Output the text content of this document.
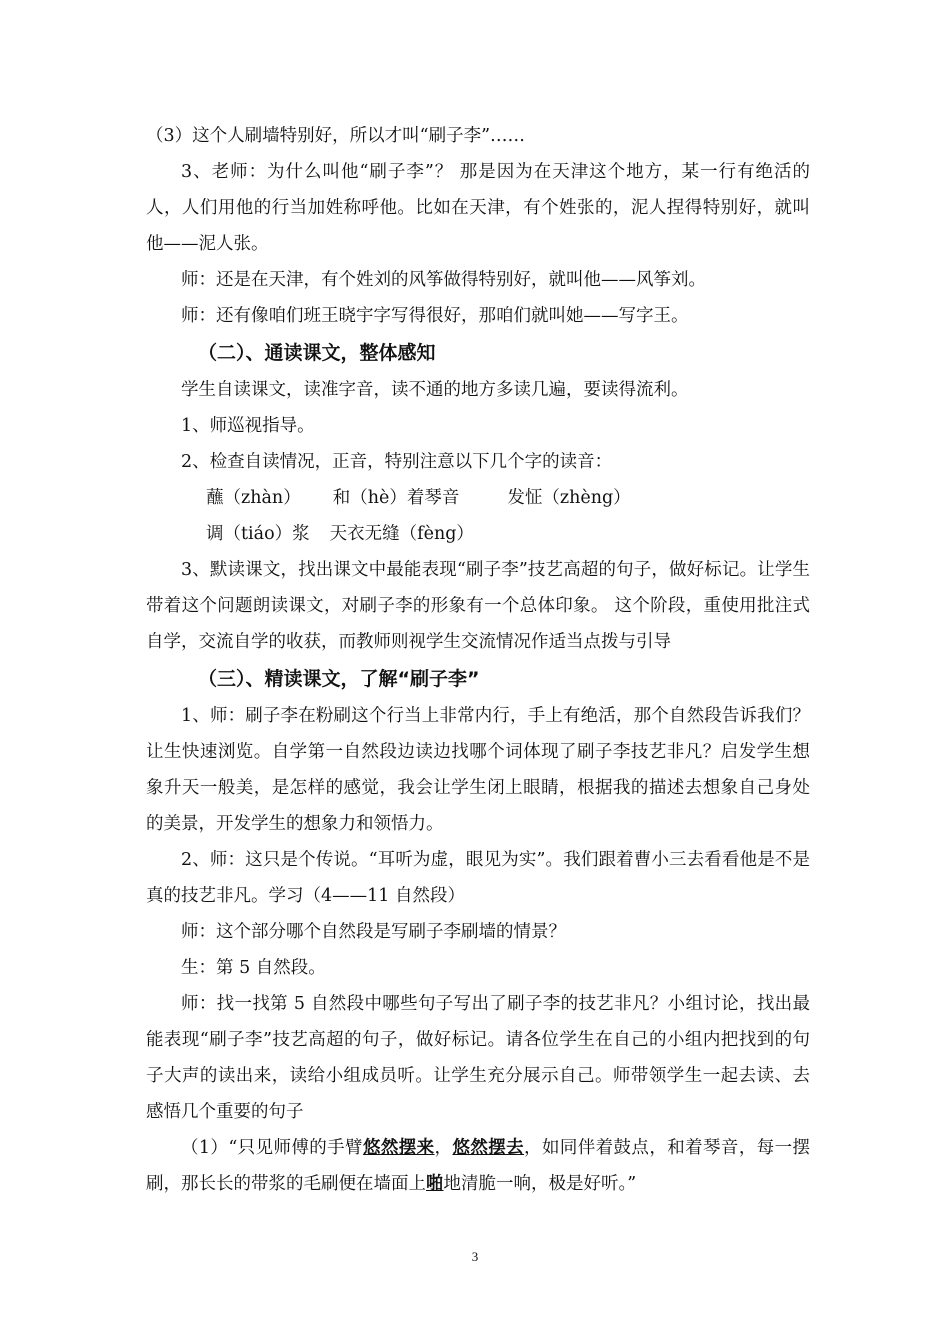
（3）这个人刷墙特别好，所以才叫“刷子李”……

3、老师：为什么叫他“刷子李”？ 那是因为在天津这个地方，某一行有绝活的人，人们用他的行当加姓称呼他。比如在天津，有个姓张的，泥人捏得特别好，就叫他——泥人张。

师：还是在天津，有个姓刘的风筝做得特别好，就叫他——风筝刘。

师：还有像咱们班王晓宇字写得很好，那咱们就叫她——写字王。

（二）、通读课文，整体感知

学生自读课文，读准字音，读不通的地方多读几遍，要读得流利。

1、师巡视指导。

2、检查自读情况，正音，特别注意以下几个字的读音：

蘸（zhàn） 和（hè）着琴音	发怔（zhèng）

调（tiáo）浆 天衣无缝（fèng）

3、默读课文，找出课文中最能表现“刷子李”技艺高超的句子，做好标记。让学生带着这个问题朗读课文，对刷子李的形象有一个总体印象。 这个阶段，重使用批注式自学，交流自学的收获，而教师则视学生交流情况作适当点拨与引导

（三）、精读课文，了解“刷子李”

1、师：刷子李在粉刷这个行当上非常内行，手上有绝活，那个自然段告诉我们？让生快速浏览。自学第一自然段边读边找哪个词体现了刷子李技艺非凡？启发学生想象升天一般美，是怎样的感觉，我会让学生闭上眼睛，根据我的描述去想象自己身处的美景，开发学生的想象力和领悟力。

2、师：这只是个传说。“耳听为虚，眼见为实”。我们跟着曹小三去看看他是不是真的技艺非凡。学习（4——11 自然段）

师：这个部分哪个自然段是写刷子李刷墙的情景？

生：第 5 自然段。

师：找一找第 5 自然段中哪些句子写出了刷子李的技艺非凡？小组讨论，找出最能表现“刷子李”技艺高超的句子，做好标记。请各位学生在自己的小组内把找到的句子大声的读出来，读给小组成员听。让学生充分展示自己。师带领学生一起去读、去感悟几个重要的句子

（1）“只见师傅的手臂悠然摆来，悠然摆去，如同伴着鼓点，和着琴音，每一摆刷，那长长的带浆的毛刷便在墙面上啪地清脆一响，极是好听。”

3
